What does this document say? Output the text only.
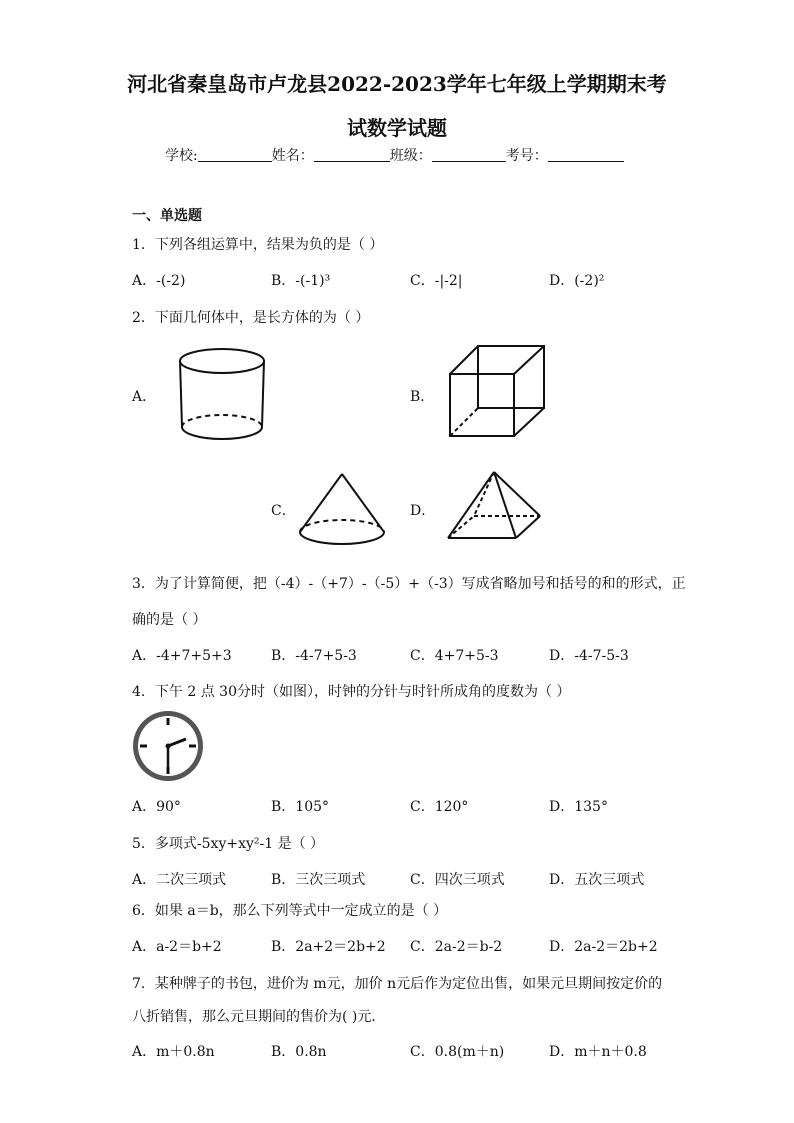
河北省秦皇岛市卢龙县2022-2023学年七年级上学期期末考
试数学试题
学校:	姓名：	班级：	考号：
一、单选题
1．下列各组运算中，结果为负的是（ ）
A．-(-2)	B．-(-1)³	C．-|-2|	D．(-2)²
2．下面几何体中，是长方体的为（ ）
A．	B．
C．	D．
3．为了计算简便，把（-4）-（+7）-（-5）+（-3）写成省略加号和括号的和的形式，正
确的是（ ）
A．-4+7+5+3	B．-4-7+5-3	C．4+7+5-3	D．-4-7-5-3
4．下午 2 点 30分时（如图），时钟的分针与时针所成角的度数为（ ）
A．90°	B．105°	C．120°	D．135°
5．多项式-5xy+xy²-1 是（ ）
A．二次三项式	B．三次三项式	C．四次三项式	D．五次三项式
6．如果 a＝b，那么下列等式中一定成立的是（ ）
A．a-2＝b+2	B．2a+2＝2b+2 C．2a-2＝b-2	D．2a-2＝2b+2
7．某种牌子的书包，进价为 m元，加价 n元后作为定位出售，如果元旦期间按定价的
八折销售，那么元旦期间的售价为( )元．
A．m＋0.8n	B．0.8n	C．0.8(m＋n)	D．m＋n＋0.8
